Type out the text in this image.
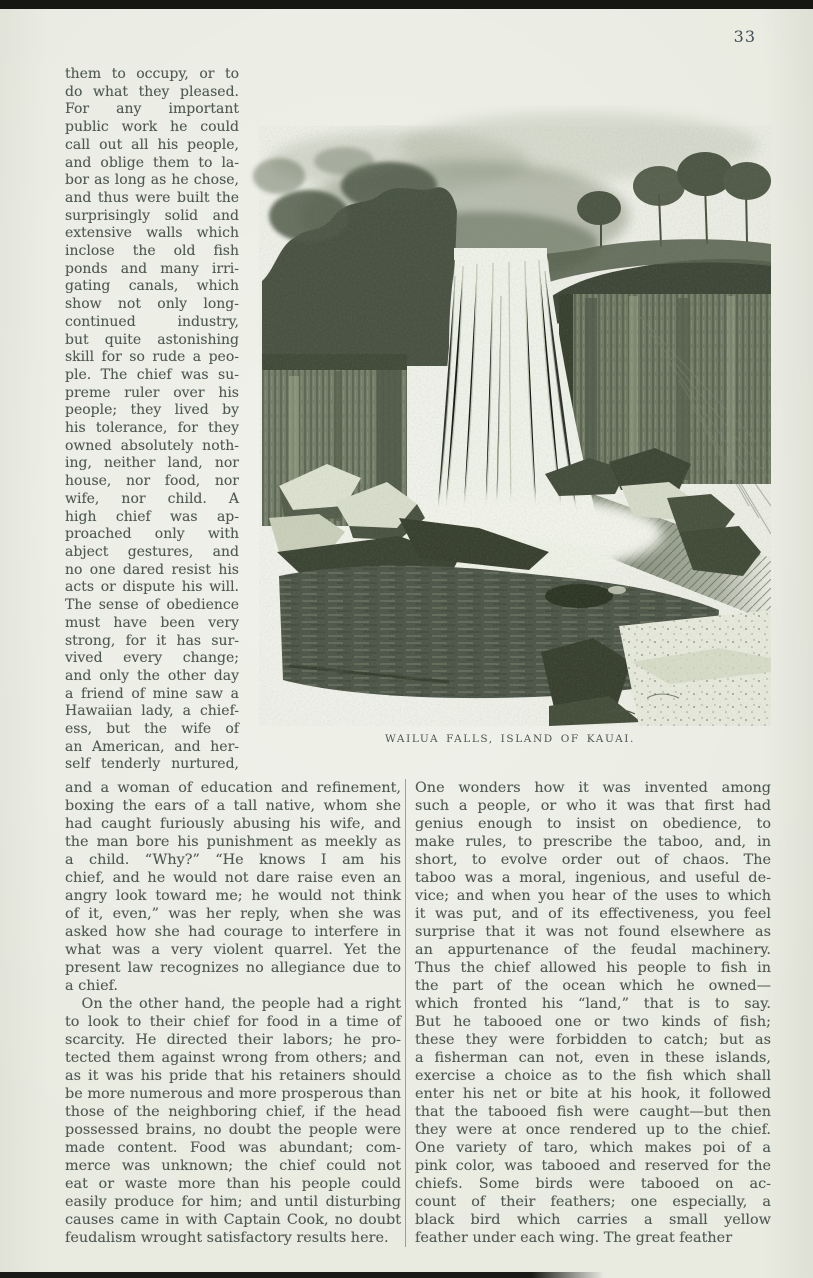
33
them to occupy, or to
do what they pleased.
For any important
public work he could
call out all his people,
and oblige them to la-
bor as long as he chose,
and thus were built the
surprisingly solid and
extensive walls which
inclose the old fish
ponds and many irri-
gating canals, which
show not only long-
continued industry,
but quite astonishing
skill for so rude a peo-
ple. The chief was su-
preme ruler over his
people; they lived by
his tolerance, for they
owned absolutely noth-
ing, neither land, nor
house, nor food, nor
wife, nor child. A
high chief was ap-
proached only with
abject gestures, and
no one dared resist his
acts or dispute his will.
The sense of obedience
must have been very
strong, for it has sur-
vived every change;
and only the other day
a friend of mine saw a
Hawaiian lady, a chief-
ess, but the wife of
an American, and her-
self tenderly nurtured,
WAILUA FALLS, ISLAND OF KAUAI.
and a woman of education and refinement,
boxing the ears of a tall native, whom she
had caught furiously abusing his wife, and
the man bore his punishment as meekly as
a child. “Why?” “He knows I am his
chief, and he would not dare raise even an
angry look toward me; he would not think
of it, even,” was her reply, when she was
asked how she had courage to interfere in
what was a very violent quarrel. Yet the
present law recognizes no allegiance due to
a chief.
On the other hand, the people had a right
to look to their chief for food in a time of
scarcity. He directed their labors; he pro-
tected them against wrong from others; and
as it was his pride that his retainers should
be more numerous and more prosperous than
those of the neighboring chief, if the head
possessed brains, no doubt the people were
made content. Food was abundant; com-
merce was unknown; the chief could not
eat or waste more than his people could
easily produce for him; and until disturbing
causes came in with Captain Cook, no doubt
feudalism wrought satisfactory results here.
One wonders how it was invented among
such a people, or who it was that first had
genius enough to insist on obedience, to
make rules, to prescribe the taboo, and, in
short, to evolve order out of chaos. The
taboo was a moral, ingenious, and useful de-
vice; and when you hear of the uses to which
it was put, and of its effectiveness, you feel
surprise that it was not found elsewhere as
an appurtenance of the feudal machinery.
Thus the chief allowed his people to fish in
the part of the ocean which he owned—
which fronted his “land,” that is to say.
But he tabooed one or two kinds of fish;
these they were forbidden to catch; but as
a fisherman can not, even in these islands,
exercise a choice as to the fish which shall
enter his net or bite at his hook, it followed
that the tabooed fish were caught—but then
they were at once rendered up to the chief.
One variety of taro, which makes poi of a
pink color, was tabooed and reserved for the
chiefs. Some birds were tabooed on ac-
count of their feathers; one especially, a
black bird which carries a small yellow
feather under each wing. The great feather
